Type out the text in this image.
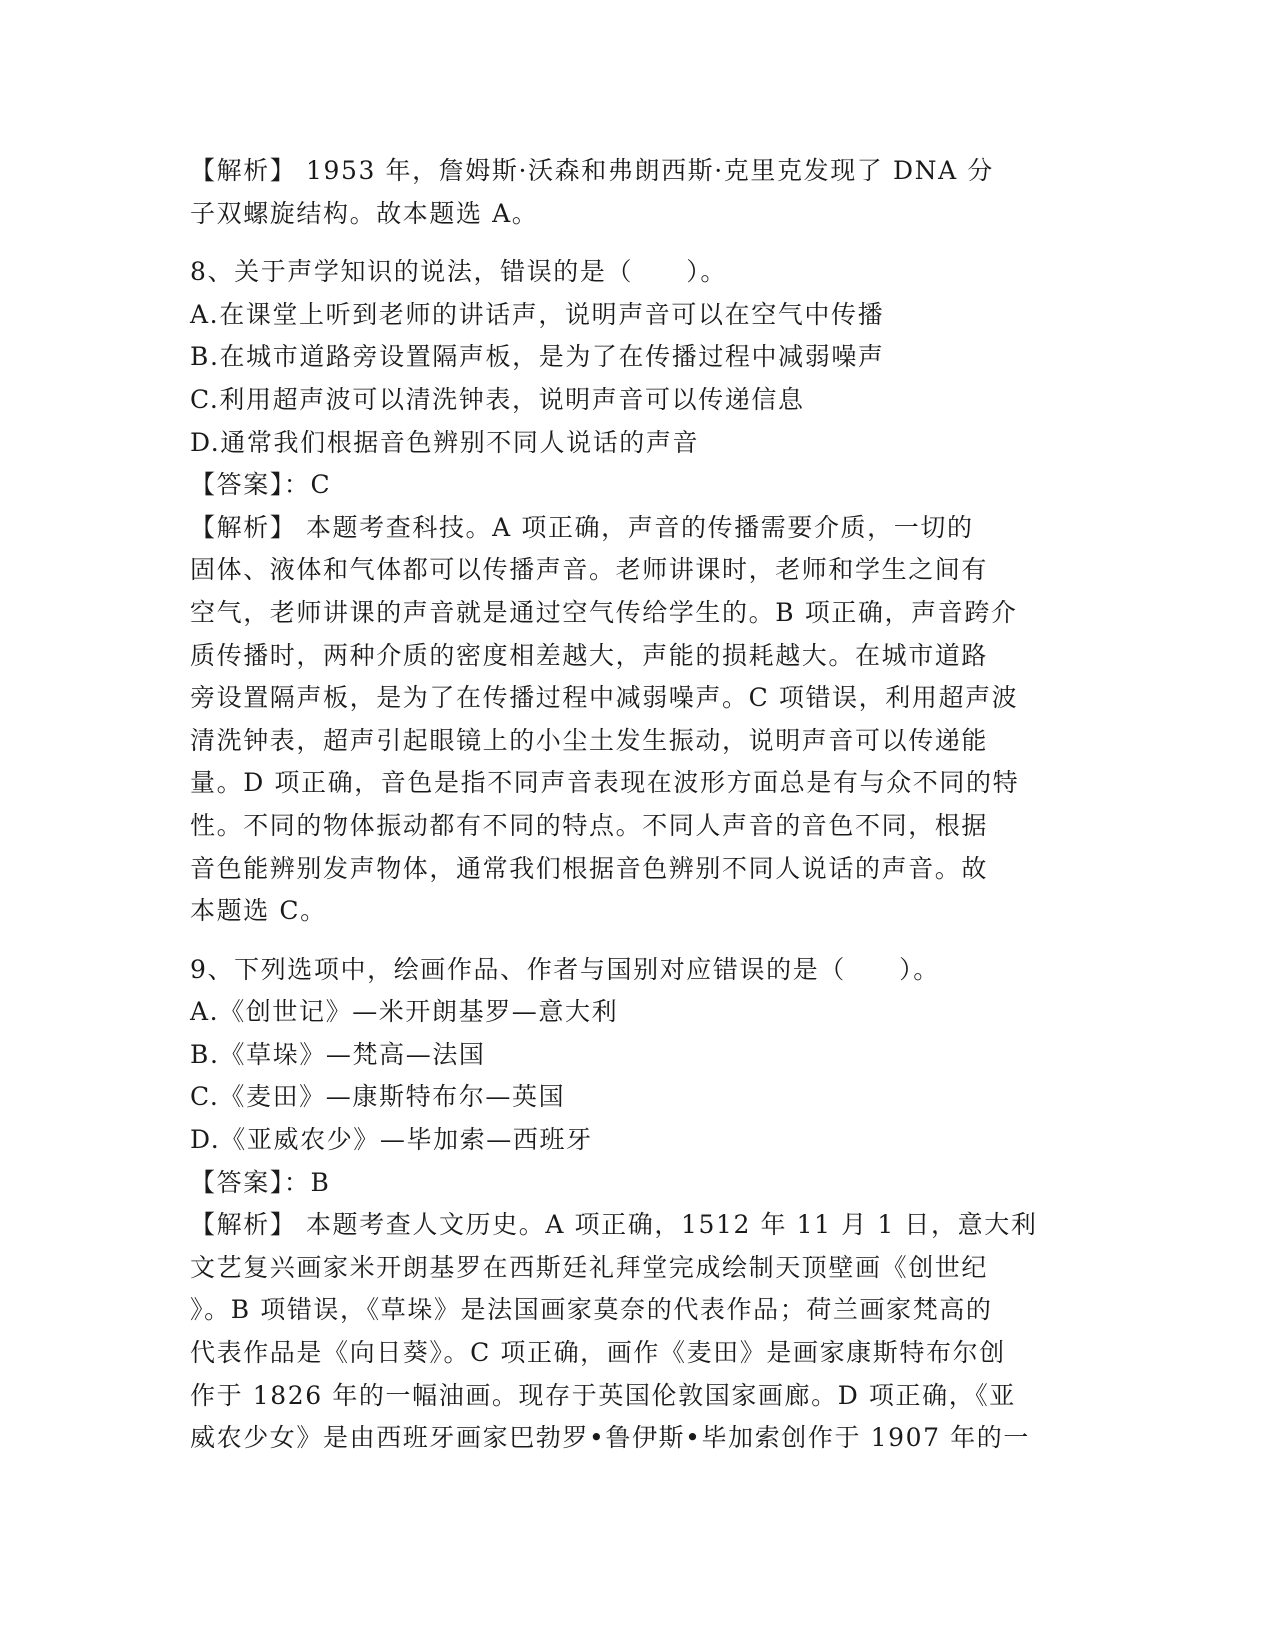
【解析】 1953 年，詹姆斯·沃森和弗朗西斯·克里克发现了 DNA 分
子双螺旋结构。故本题选 A。
8、关于声学知识的说法，错误的是（　　）。
A.在课堂上听到老师的讲话声，说明声音可以在空气中传播
B.在城市道路旁设置隔声板，是为了在传播过程中减弱噪声
C.利用超声波可以清洗钟表，说明声音可以传递信息
D.通常我们根据音色辨别不同人说话的声音
【答案】：C
【解析】 本题考查科技。A 项正确，声音的传播需要介质，一切的
固体、液体和气体都可以传播声音。老师讲课时，老师和学生之间有
空气，老师讲课的声音就是通过空气传给学生的。B 项正确，声音跨介
质传播时，两种介质的密度相差越大，声能的损耗越大。在城市道路
旁设置隔声板，是为了在传播过程中减弱噪声。C 项错误，利用超声波
清洗钟表，超声引起眼镜上的小尘土发生振动，说明声音可以传递能
量。D 项正确，音色是指不同声音表现在波形方面总是有与众不同的特
性。不同的物体振动都有不同的特点。不同人声音的音色不同，根据
音色能辨别发声物体，通常我们根据音色辨别不同人说话的声音。故
本题选 C。
9、下列选项中，绘画作品、作者与国别对应错误的是（　　）。
A.《创世记》—米开朗基罗—意大利
B.《草垛》—梵高—法国
C.《麦田》—康斯特布尔—英国
D.《亚威农少》—毕加索—西班牙
【答案】：B
【解析】 本题考查人文历史。A 项正确，1512 年 11 月 1 日，意大利
文艺复兴画家米开朗基罗在西斯廷礼拜堂完成绘制天顶壁画《创世纪
》。B 项错误，《草垛》是法国画家莫奈的代表作品；荷兰画家梵高的
代表作品是《向日葵》。C 项正确，画作《麦田》是画家康斯特布尔创
作于 1826 年的一幅油画。现存于英国伦敦国家画廊。D 项正确，《亚
威农少女》是由西班牙画家巴勃罗•鲁伊斯•毕加索创作于 1907 年的一
